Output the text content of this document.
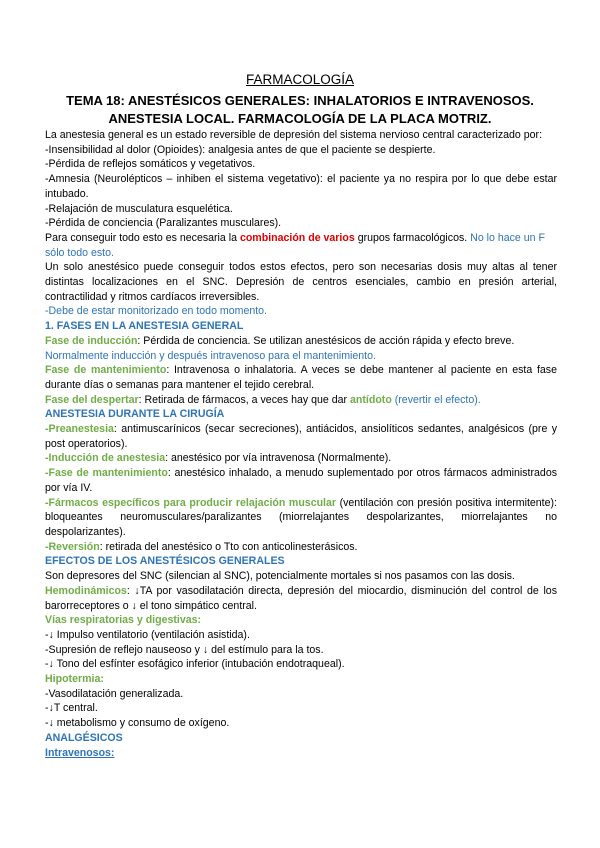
FARMACOLOGÍA
TEMA 18: ANESTÉSICOS GENERALES: INHALATORIOS E INTRAVENOSOS.
ANESTESIA LOCAL. FARMACOLOGÍA DE LA PLACA MOTRIZ.

La anestesia general es un estado reversible de depresión del sistema nervioso central caracterizado por:

-Insensibilidad al dolor (Opioides): analgesia antes de que el paciente se despierte.

-Pérdida de reflejos somáticos y vegetativos.

-Amnesia (Neurolépticos – inhiben el sistema vegetativo): el paciente ya no respira por lo que debe estar intubado.

-Relajación de musculatura esquelética.

-Pérdida de conciencia (Paralizantes musculares).

Para conseguir todo esto es necesaria la combinación de varios grupos farmacológicos. No lo hace un F sólo todo esto.

Un solo anestésico puede conseguir todos estos efectos, pero son necesarias dosis muy altas al tener distintas localizaciones en el SNC. Depresión de centros esenciales, cambio en presión arterial, contractilidad y ritmos cardíacos irreversibles.

-Debe de estar monitorizado en todo momento.

1. FASES EN LA ANESTESIA GENERAL

Fase de inducción: Pérdida de conciencia. Se utilizan anestésicos de acción rápida y efecto breve.

Normalmente inducción y después intravenoso para el mantenimiento.

Fase de mantenimiento: Intravenosa o inhalatoria. A veces se debe mantener al paciente en esta fase durante días o semanas para mantener el tejido cerebral.

Fase del despertar: Retirada de fármacos, a veces hay que dar antídoto (revertir el efecto).

ANESTESIA DURANTE LA CIRUGÍA

-Preanestesia: antimuscarínicos (secar secreciones), antiácidos, ansiolíticos sedantes, analgésicos (pre y post operatorios).

-Inducción de anestesia: anestésico por vía intravenosa (Normalmente).

-Fase de mantenimiento: anestésico inhalado, a menudo suplementado por otros fármacos administrados por vía IV.

-Fármacos específicos para producir relajación muscular (ventilación con presión positiva intermitente): bloqueantes neuromusculares/paralizantes (miorrelajantes despolarizantes, miorrelajantes no despolarizantes).

-Reversión: retirada del anestésico o Tto con anticolinesterásicos.

EFECTOS DE LOS ANESTÉSICOS GENERALES

Son depresores del SNC (silencian al SNC), potencialmente mortales si nos pasamos con las dosis.

Hemodinámicos: ↓TA por vasodilatación directa, depresión del miocardio, disminución del control de los barorreceptores o ↓ el tono simpático central.

Vías respiratorias y digestivas:

-↓ Impulso ventilatorio (ventilación asistida).

-Supresión de reflejo nauseoso y ↓ del estímulo para la tos.

-↓ Tono del esfínter esofágico inferior (intubación endotraqueal).

Hipotermia:

-Vasodilatación generalizada.

-↓T central.

-↓ metabolismo y consumo de oxígeno.

ANALGÉSICOS

Intravenosos:
